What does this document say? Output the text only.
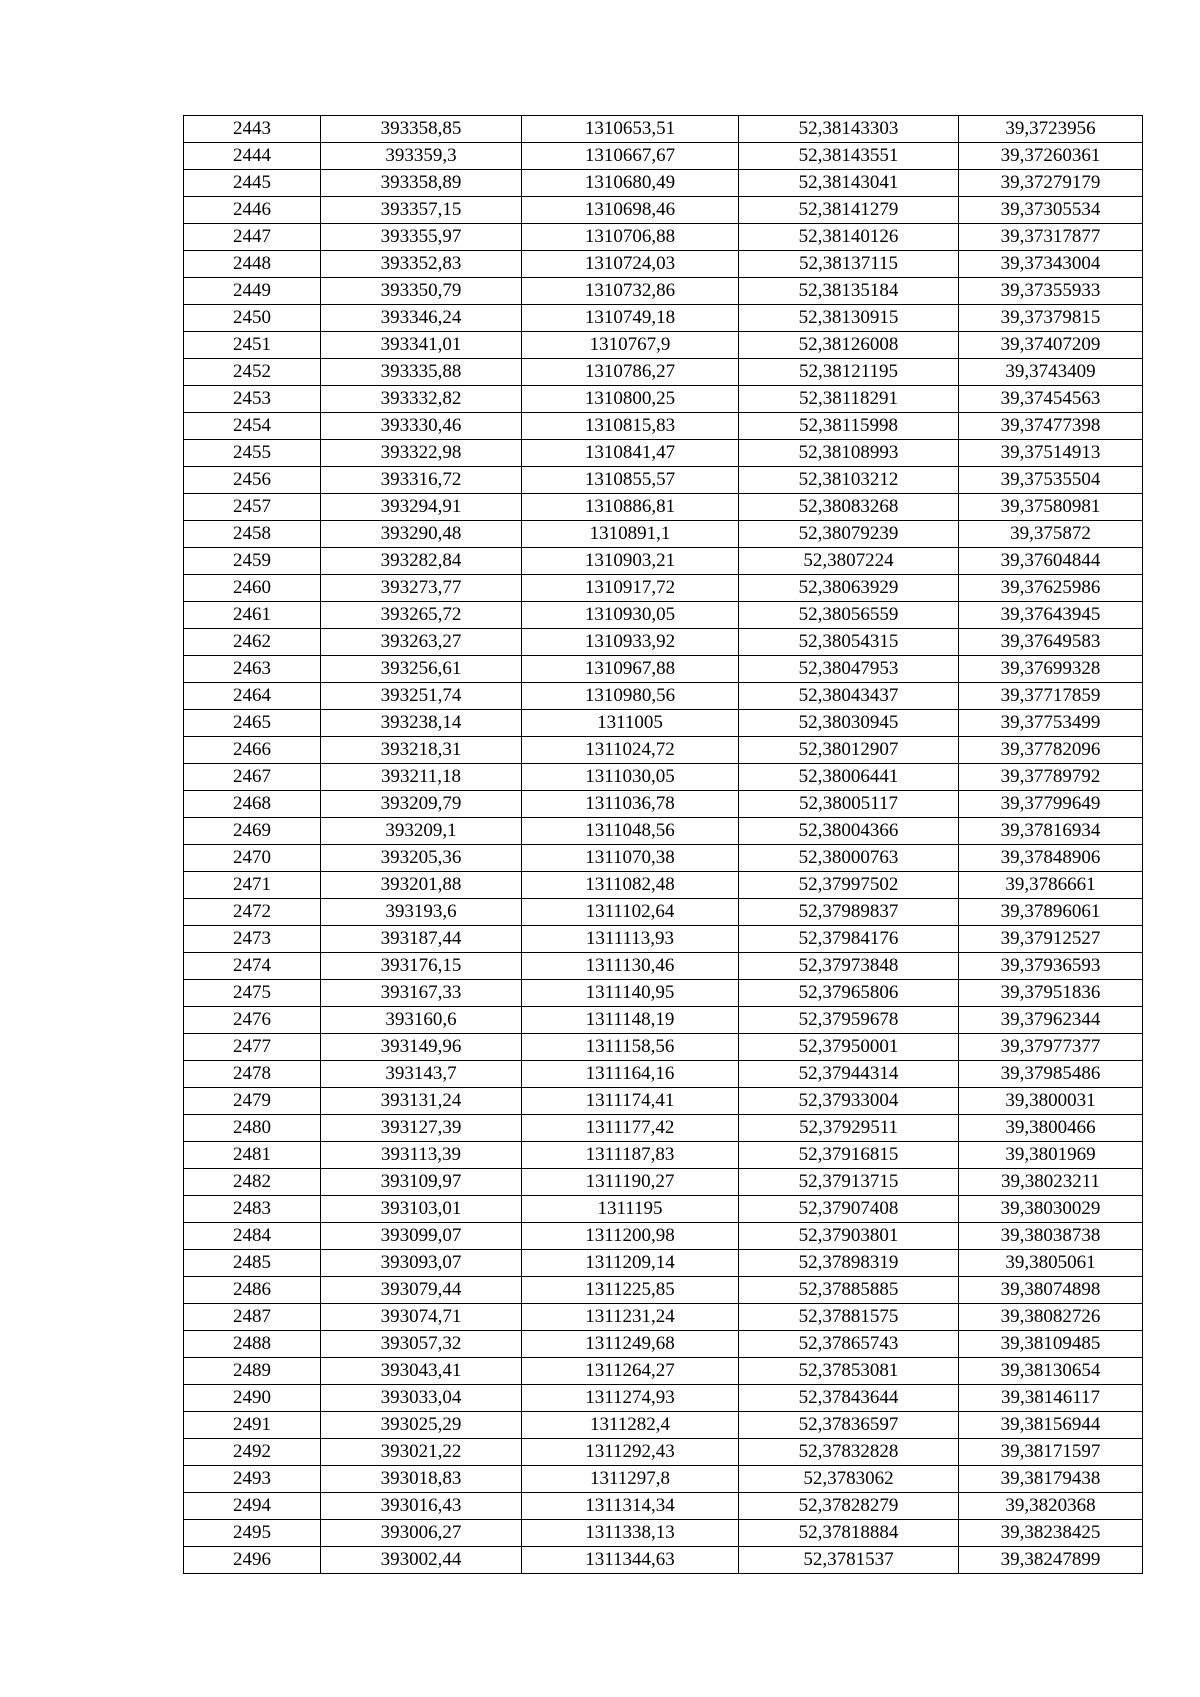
2443	393358,85	1310653,51	52,38143303	39,3723956
2444	393359,3	1310667,67	52,38143551	39,37260361
2445	393358,89	1310680,49	52,38143041	39,37279179
2446	393357,15	1310698,46	52,38141279	39,37305534
2447	393355,97	1310706,88	52,38140126	39,37317877
2448	393352,83	1310724,03	52,38137115	39,37343004
2449	393350,79	1310732,86	52,38135184	39,37355933
2450	393346,24	1310749,18	52,38130915	39,37379815
2451	393341,01	1310767,9	52,38126008	39,37407209
2452	393335,88	1310786,27	52,38121195	39,3743409
2453	393332,82	1310800,25	52,38118291	39,37454563
2454	393330,46	1310815,83	52,38115998	39,37477398
2455	393322,98	1310841,47	52,38108993	39,37514913
2456	393316,72	1310855,57	52,38103212	39,37535504
2457	393294,91	1310886,81	52,38083268	39,37580981
2458	393290,48	1310891,1	52,38079239	39,375872
2459	393282,84	1310903,21	52,3807224	39,37604844
2460	393273,77	1310917,72	52,38063929	39,37625986
2461	393265,72	1310930,05	52,38056559	39,37643945
2462	393263,27	1310933,92	52,38054315	39,37649583
2463	393256,61	1310967,88	52,38047953	39,37699328
2464	393251,74	1310980,56	52,38043437	39,37717859
2465	393238,14	1311005	52,38030945	39,37753499
2466	393218,31	1311024,72	52,38012907	39,37782096
2467	393211,18	1311030,05	52,38006441	39,37789792
2468	393209,79	1311036,78	52,38005117	39,37799649
2469	393209,1	1311048,56	52,38004366	39,37816934
2470	393205,36	1311070,38	52,38000763	39,37848906
2471	393201,88	1311082,48	52,37997502	39,3786661
2472	393193,6	1311102,64	52,37989837	39,37896061
2473	393187,44	1311113,93	52,37984176	39,37912527
2474	393176,15	1311130,46	52,37973848	39,37936593
2475	393167,33	1311140,95	52,37965806	39,37951836
2476	393160,6	1311148,19	52,37959678	39,37962344
2477	393149,96	1311158,56	52,37950001	39,37977377
2478	393143,7	1311164,16	52,37944314	39,37985486
2479	393131,24	1311174,41	52,37933004	39,3800031
2480	393127,39	1311177,42	52,37929511	39,3800466
2481	393113,39	1311187,83	52,37916815	39,3801969
2482	393109,97	1311190,27	52,37913715	39,38023211
2483	393103,01	1311195	52,37907408	39,38030029
2484	393099,07	1311200,98	52,37903801	39,38038738
2485	393093,07	1311209,14	52,37898319	39,3805061
2486	393079,44	1311225,85	52,37885885	39,38074898
2487	393074,71	1311231,24	52,37881575	39,38082726
2488	393057,32	1311249,68	52,37865743	39,38109485
2489	393043,41	1311264,27	52,37853081	39,38130654
2490	393033,04	1311274,93	52,37843644	39,38146117
2491	393025,29	1311282,4	52,37836597	39,38156944
2492	393021,22	1311292,43	52,37832828	39,38171597
2493	393018,83	1311297,8	52,3783062	39,38179438
2494	393016,43	1311314,34	52,37828279	39,3820368
2495	393006,27	1311338,13	52,37818884	39,38238425
2496	393002,44	1311344,63	52,3781537	39,38247899
